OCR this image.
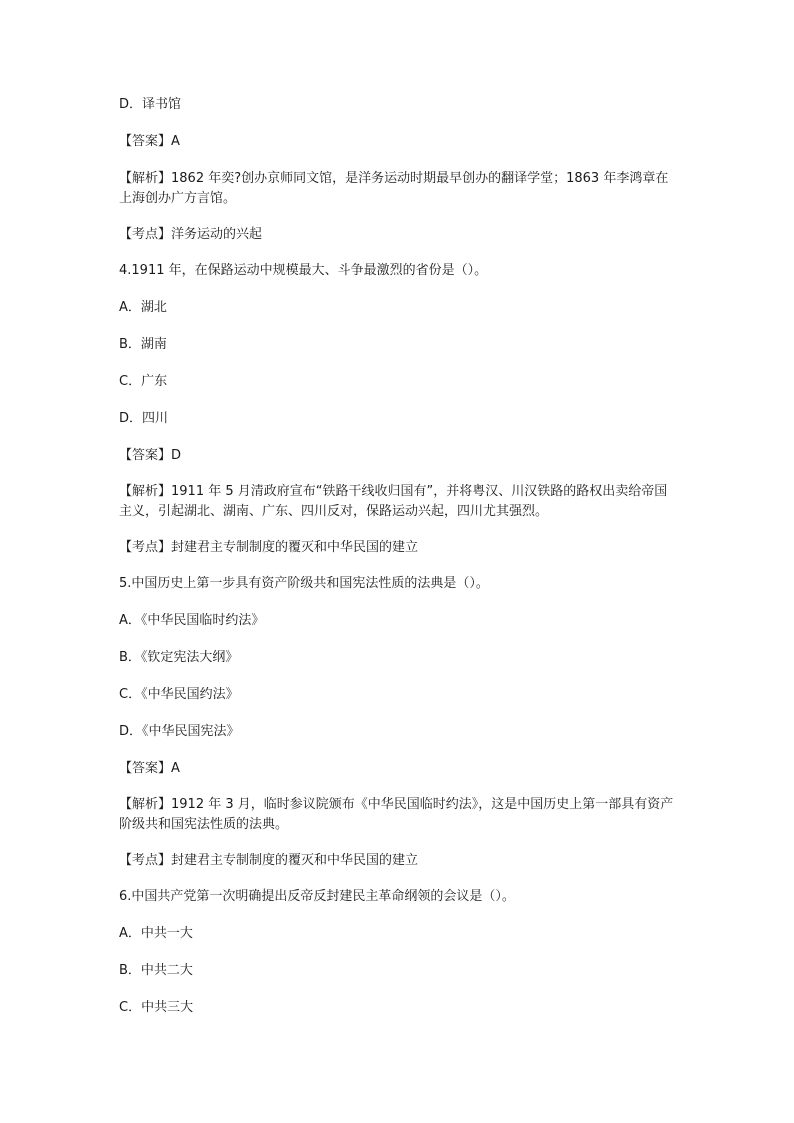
D．译书馆
【答案】A
【解析】1862 年奕?创办京师同文馆，是洋务运动时期最早创办的翻译学堂；1863 年李鸿章在上海创办广方言馆。
【考点】洋务运动的兴起
4.1911 年，在保路运动中规模最大、斗争最激烈的省份是（）。
A．湖北
B．湖南
C．广东
D．四川
【答案】D
【解析】1911 年 5 月清政府宣布“铁路干线收归国有”，并将粤汉、川汉铁路的路权出卖给帝国主义，引起湖北、湖南、广东、四川反对，保路运动兴起，四川尤其强烈。
【考点】封建君主专制制度的覆灭和中华民国的建立
5.中国历史上第一步具有资产阶级共和国宪法性质的法典是（）。
A．《中华民国临时约法》
B．《钦定宪法大纲》
C．《中华民国约法》
D．《中华民国宪法》
【答案】A
【解析】1912 年 3 月，临时参议院颁布《中华民国临时约法》，这是中国历史上第一部具有资产阶级共和国宪法性质的法典。
【考点】封建君主专制制度的覆灭和中华民国的建立
6.中国共产党第一次明确提出反帝反封建民主革命纲领的会议是（）。
A．中共一大
B．中共二大
C．中共三大
